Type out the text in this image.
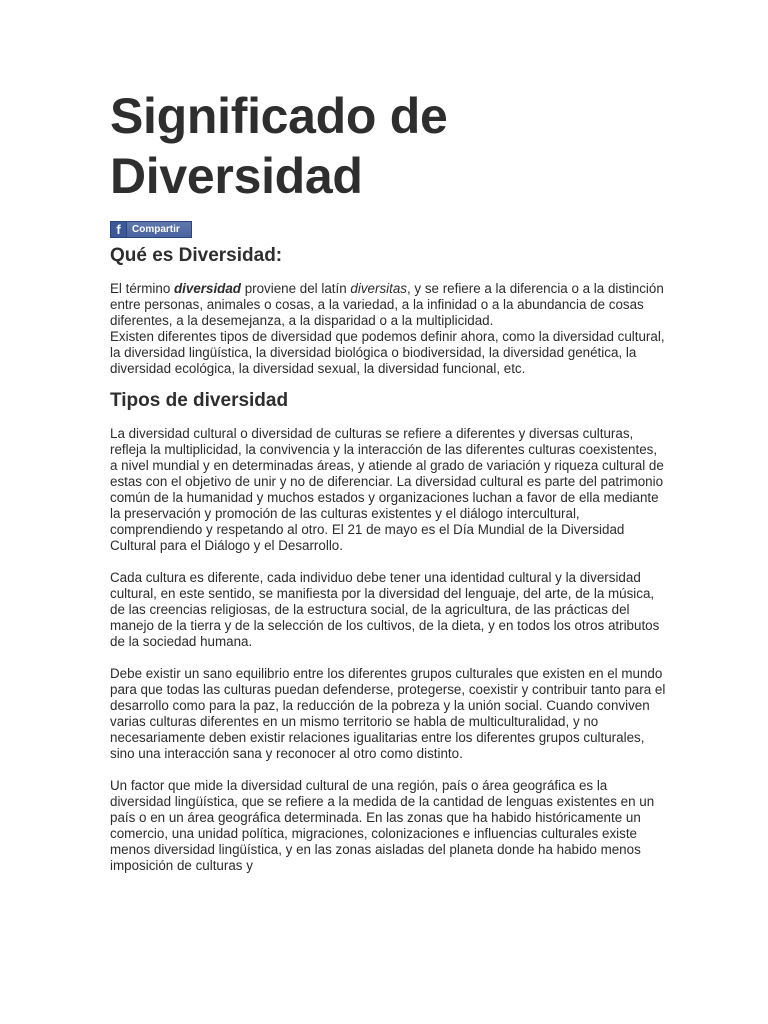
Significado de Diversidad
f	Compartir
Qué es Diversidad:

El término diversidad proviene del latín diversitas, y se refiere a la diferencia o a la distinción entre personas, animales o cosas, a la variedad, a la infinidad o a la abundancia de cosas diferentes, a la desemejanza, a la disparidad o a la multiplicidad.

Existen diferentes tipos de diversidad que podemos definir ahora, como la diversidad cultural, la diversidad lingüística, la diversidad biológica o biodiversidad, la diversidad genética, la diversidad ecológica, la diversidad sexual, la diversidad funcional, etc.

Tipos de diversidad

La diversidad cultural o diversidad de culturas se refiere a diferentes y diversas culturas, refleja la multiplicidad, la convivencia y la interacción de las diferentes culturas coexistentes, a nivel mundial y en determinadas áreas, y atiende al grado de variación y riqueza cultural de estas con el objetivo de unir y no de diferenciar. La diversidad cultural es parte del patrimonio común de la humanidad y muchos estados y organizaciones luchan a favor de ella mediante la preservación y promoción de las culturas existentes y el diálogo intercultural, comprendiendo y respetando al otro. El 21 de mayo es el Día Mundial de la Diversidad Cultural para el Diálogo y el Desarrollo.

Cada cultura es diferente, cada individuo debe tener una identidad cultural y la diversidad cultural, en este sentido, se manifiesta por la diversidad del lenguaje, del arte, de la música, de las creencias religiosas, de la estructura social, de la agricultura, de las prácticas del manejo de la tierra y de la selección de los cultivos, de la dieta, y en todos los otros atributos de la sociedad humana.

Debe existir un sano equilibrio entre los diferentes grupos culturales que existen en el mundo para que todas las culturas puedan defenderse, protegerse, coexistir y contribuir tanto para el desarrollo como para la paz, la reducción de la pobreza y la unión social. Cuando conviven varias culturas diferentes en un mismo territorio se habla de multiculturalidad, y no necesariamente deben existir relaciones igualitarias entre los diferentes grupos culturales, sino una interacción sana y reconocer al otro como distinto.

Un factor que mide la diversidad cultural de una región, país o área geográfica es la diversidad lingüística, que se refiere a la medida de la cantidad de lenguas existentes en un país o en un área geográfica determinada. En las zonas que ha habido históricamente un comercio, una unidad política, migraciones, colonizaciones e influencias culturales existe menos diversidad lingüística, y en las zonas aisladas del planeta donde ha habido menos imposición de culturas y
